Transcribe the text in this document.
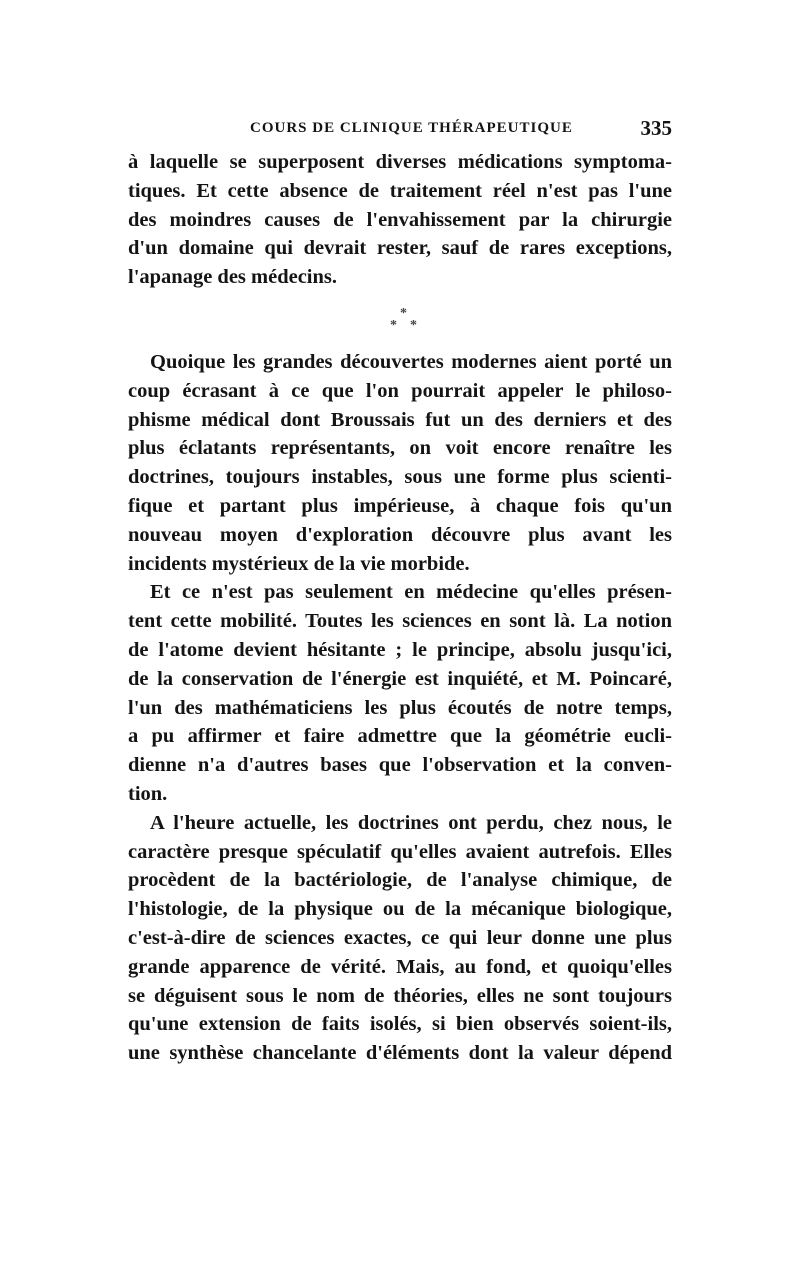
COURS DE CLINIQUE THÉRAPEUTIQUE	335
à laquelle se superposent diverses médications symptoma-
tiques. Et cette absence de traitement réel n'est pas l'une
des moindres causes de l'envahissement par la chirurgie
d'un domaine qui devrait rester, sauf de rares exceptions,
l'apanage des médecins.
*
* *
Quoique les grandes découvertes modernes aient porté un
coup écrasant à ce que l'on pourrait appeler le philoso-
phisme médical dont Broussais fut un des derniers et des
plus éclatants représentants, on voit encore renaître les
doctrines, toujours instables, sous une forme plus scienti-
fique et partant plus impérieuse, à chaque fois qu'un
nouveau moyen d'exploration découvre plus avant les
incidents mystérieux de la vie morbide.
Et ce n'est pas seulement en médecine qu'elles présen-
tent cette mobilité. Toutes les sciences en sont là. La notion
de l'atome devient hésitante ; le principe, absolu jusqu'ici,
de la conservation de l'énergie est inquiété, et M. Poincaré,
l'un des mathématiciens les plus écoutés de notre temps,
a pu affirmer et faire admettre que la géométrie eucli-
dienne n'a d'autres bases que l'observation et la conven-
tion.
A l'heure actuelle, les doctrines ont perdu, chez nous, le
caractère presque spéculatif qu'elles avaient autrefois. Elles
procèdent de la bactériologie, de l'analyse chimique, de
l'histologie, de la physique ou de la mécanique biologique,
c'est-à-dire de sciences exactes, ce qui leur donne une plus
grande apparence de vérité. Mais, au fond, et quoiqu'elles
se déguisent sous le nom de théories, elles ne sont toujours
qu'une extension de faits isolés, si bien observés soient-ils,
une synthèse chancelante d'éléments dont la valeur dépend
